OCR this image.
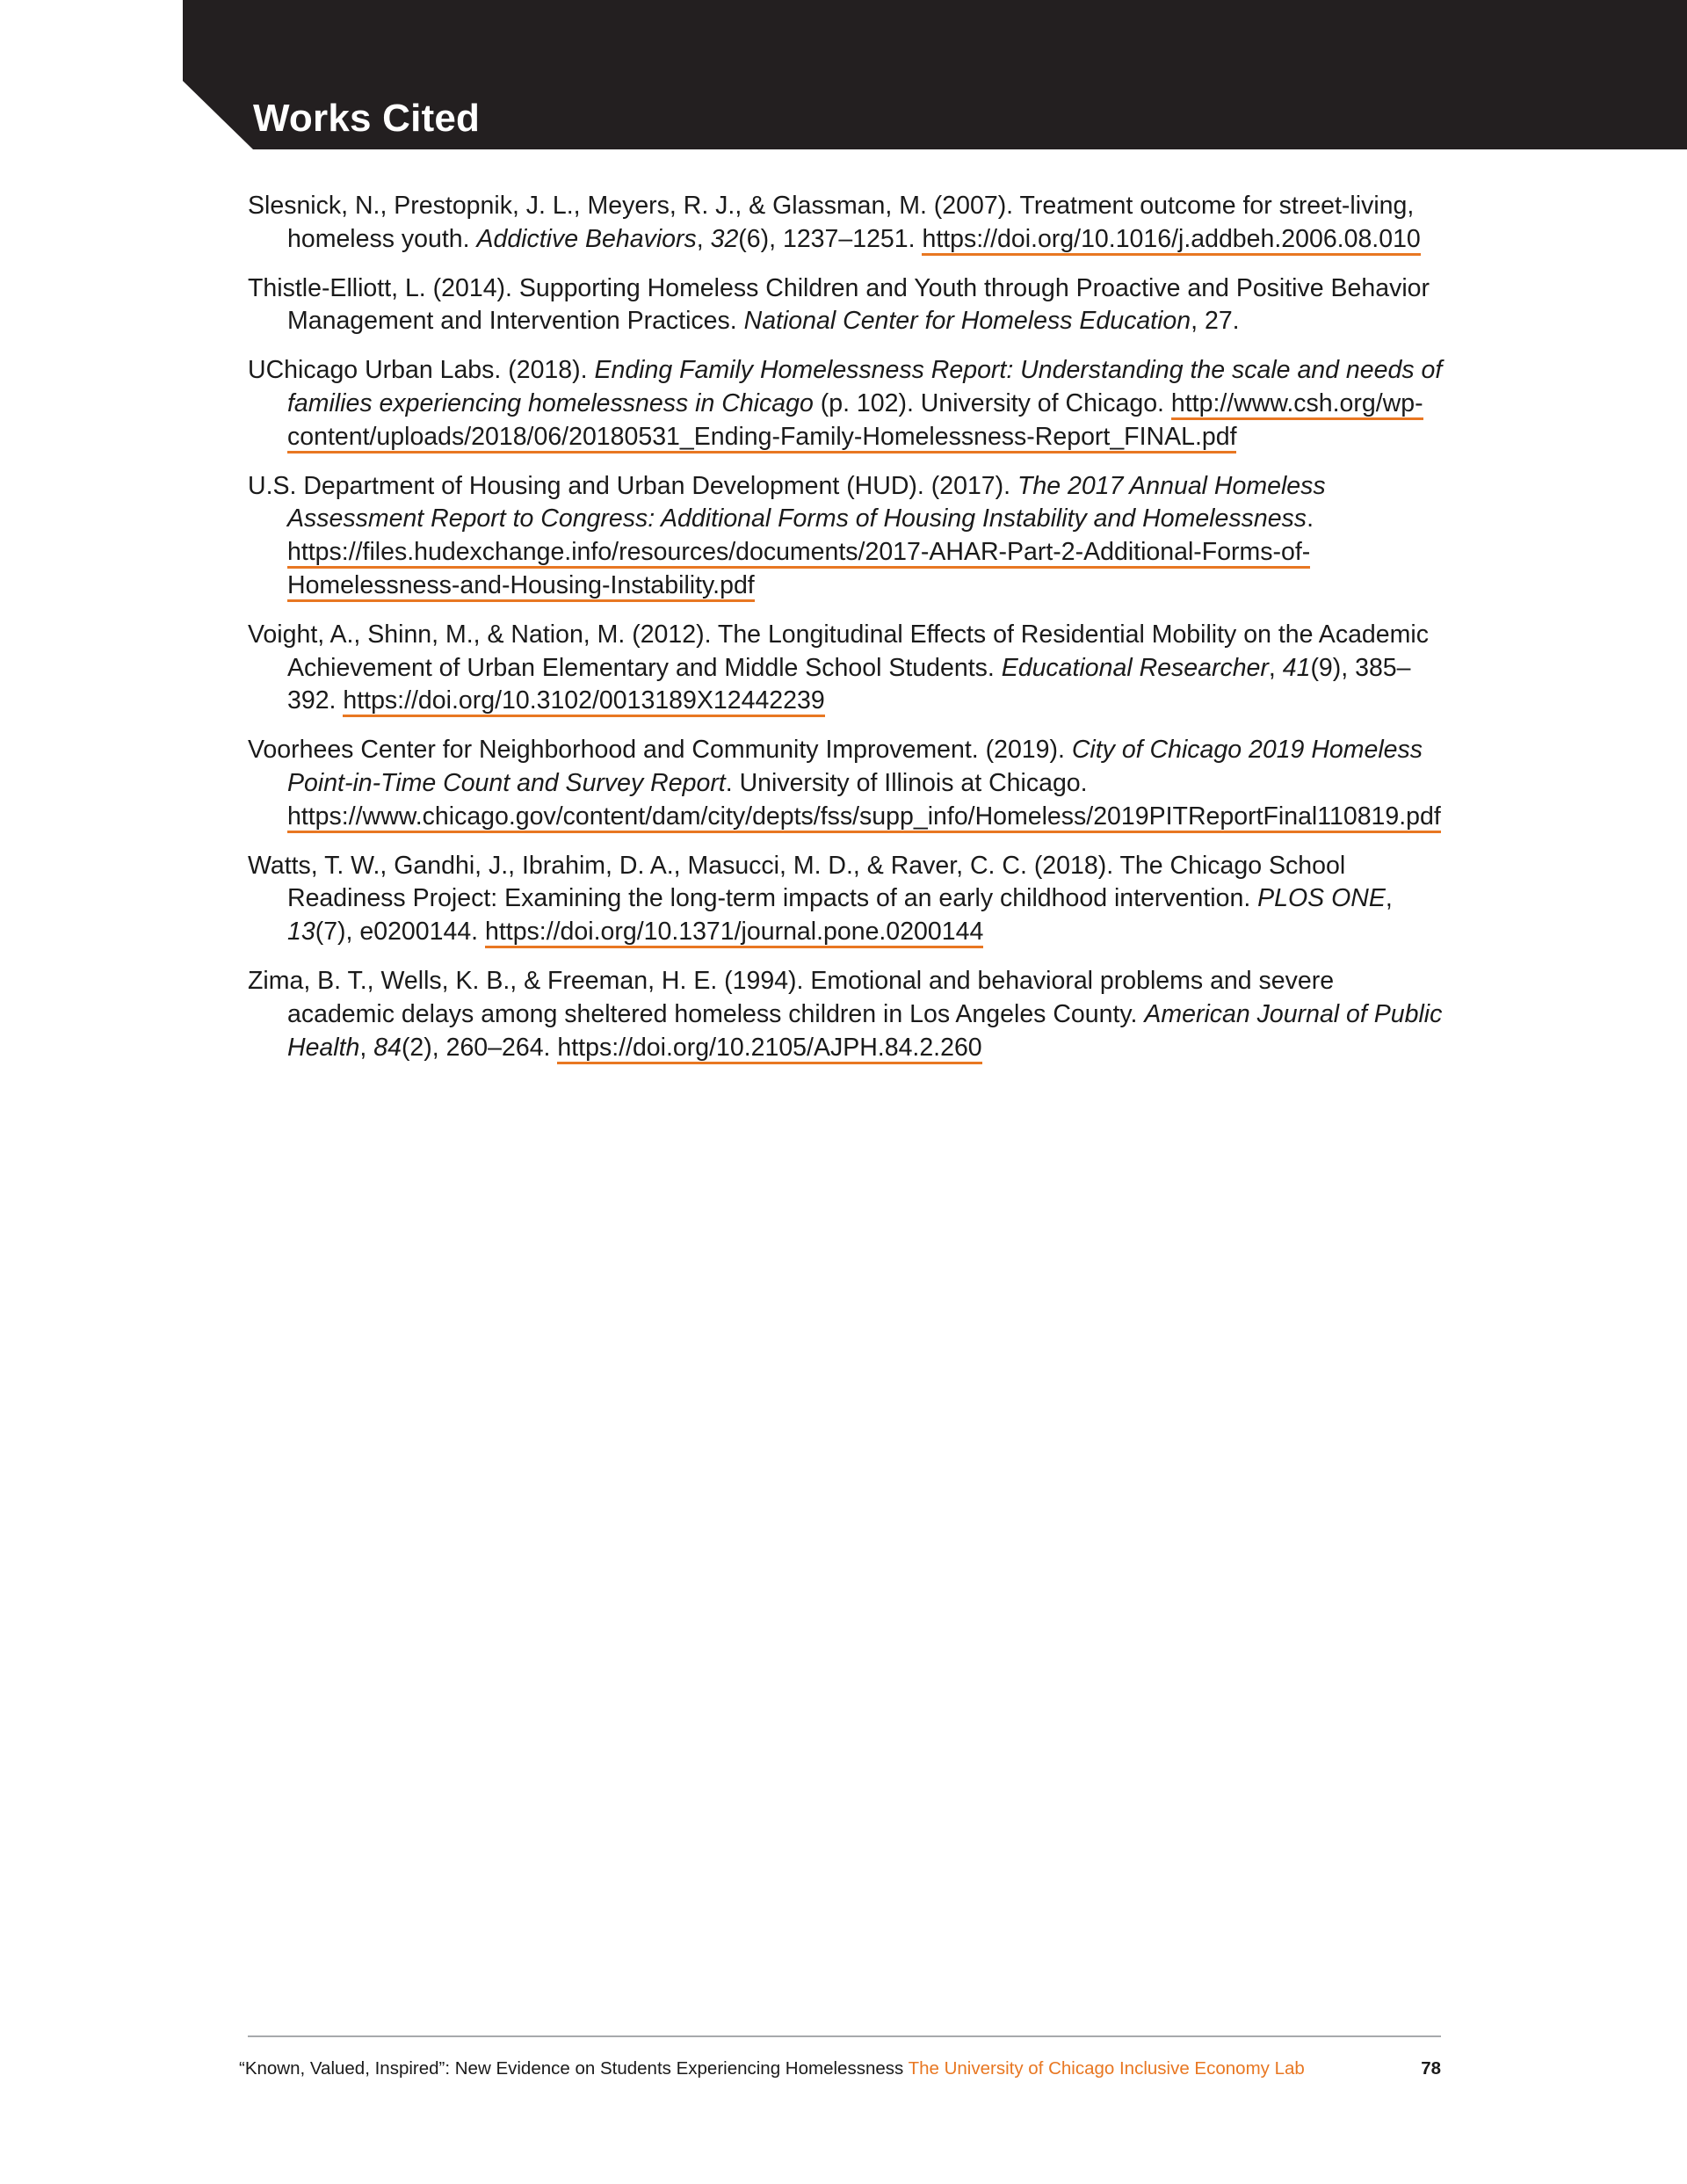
Works Cited

Slesnick, N., Prestopnik, J. L., Meyers, R. J., & Glassman, M. (2007). Treatment outcome for street-living, homeless youth. Addictive Behaviors, 32(6), 1237–1251. https://doi.org/10.1016/j.addbeh.2006.08.010

Thistle-Elliott, L. (2014). Supporting Homeless Children and Youth through Proactive and Positive Behavior Management and Intervention Practices. National Center for Homeless Education, 27.

UChicago Urban Labs. (2018). Ending Family Homelessness Report: Understanding the scale and needs of families experiencing homelessness in Chicago (p. 102). University of Chicago. http://www.csh.org/wp-content/uploads/2018/06/20180531_Ending-Family-Homelessness-Report_FINAL.pdf

U.S. Department of Housing and Urban Development (HUD). (2017). The 2017 Annual Homeless Assessment Report to Congress: Additional Forms of Housing Instability and Homelessness. https://files.hudexchange.info/resources/documents/2017-AHAR-Part-2-Additional-Forms-of-Homelessness-and-Housing-Instability.pdf

Voight, A., Shinn, M., & Nation, M. (2012). The Longitudinal Effects of Residential Mobility on the Academic Achievement of Urban Elementary and Middle School Students. Educational Researcher, 41(9), 385–392. https://doi.org/10.3102/0013189X12442239

Voorhees Center for Neighborhood and Community Improvement. (2019). City of Chicago 2019 Homeless Point-in-Time Count and Survey Report. University of Illinois at Chicago. https://www.chicago.gov/content/dam/city/depts/fss/supp_info/Homeless/2019PITReportFinal110819.pdf

Watts, T. W., Gandhi, J., Ibrahim, D. A., Masucci, M. D., & Raver, C. C. (2018). The Chicago School Readiness Project: Examining the long-term impacts of an early childhood intervention. PLOS ONE, 13(7), e0200144. https://doi.org/10.1371/journal.pone.0200144

Zima, B. T., Wells, K. B., & Freeman, H. E. (1994). Emotional and behavioral problems and severe academic delays among sheltered homeless children in Los Angeles County. American Journal of Public Health, 84(2), 260–264. https://doi.org/10.2105/AJPH.84.2.260

“Known, Valued, Inspired”: New Evidence on Students Experiencing Homelessness The University of Chicago Inclusive Economy Lab	78
